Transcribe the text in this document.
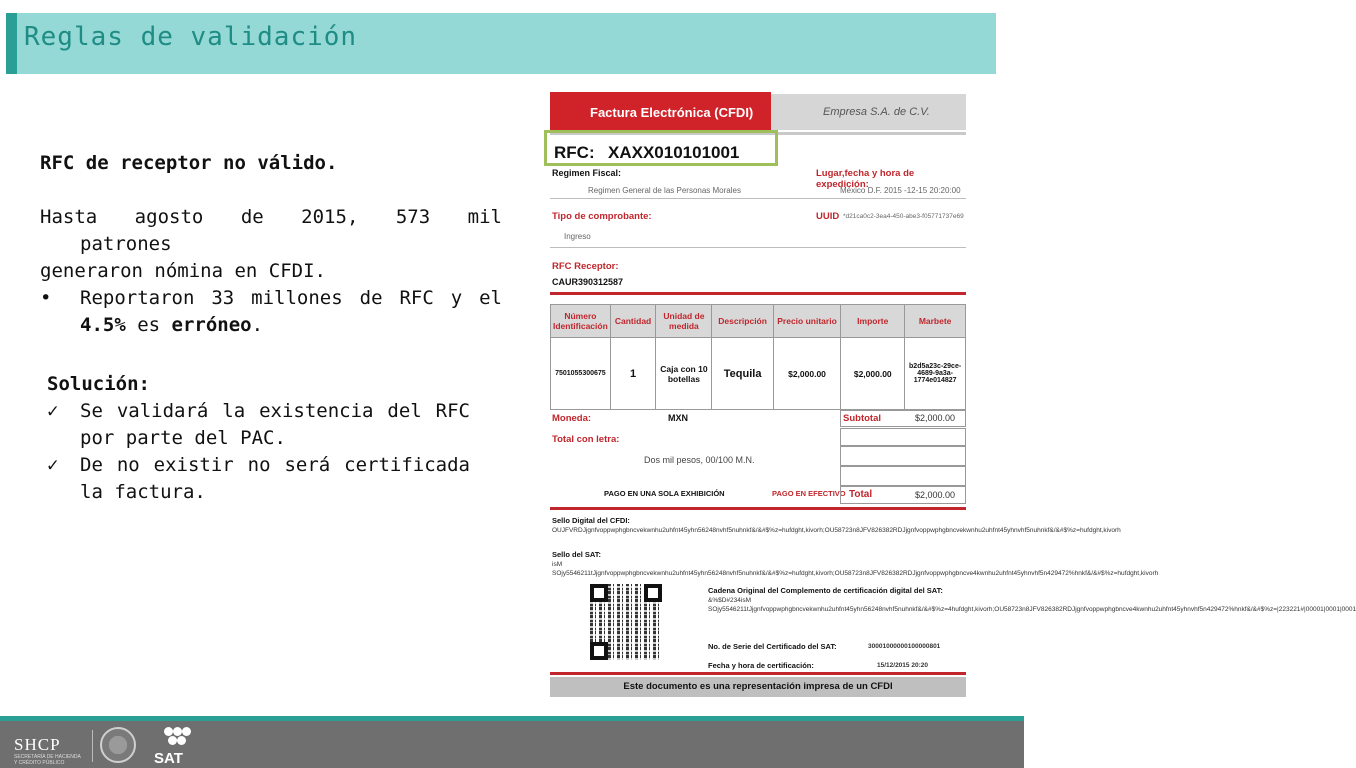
Reglas de validación
RFC de receptor no válido.
Hasta agosto de 2015, 573 mil
patrones
generaron nómina en CFDI.
•	Reportaron 33 millones de RFC y el 4.5% es erróneo.
Solución:
✓	Se validará la existencia del RFC por parte del PAC.
✓	De no existir no será certificada la factura.
Factura Electrónica (CFDI)	Empresa S.A. de C.V.
RFC: XAXX010101001
Regimen Fiscal:
Regimen General de las Personas Morales
Lugar,fecha y hora de expedición:
México D.F. 2015 -12-15 20:20:00
Tipo de comprobante:
Ingreso
UUID *d21ca0c2-3ea4-450-abe3-f05771737e69
RFC Receptor:
CAUR390312587
Número Identificación	Cantidad	Unidad de medida	Descripción	Precio unitario	Importe	Marbete
7501055300675	1	Caja con 10 botellas	Tequila	$2,000.00	$2,000.00	b2d5a23c-29ce-4689-9a3a-1774e014827
Moneda:	MXN	Subtotal	$2,000.00
Total con letra:
Dos mil pesos, 00/100 M.N.
PAGO EN UNA SOLA EXHIBICIÓN	PAGO EN EFECTIVO Total	$2,000.00
Sello Digital del CFDI:
OUJFVRDJjgnfvoppwphgbncvekwnhu2uhfnt45yhn56248nvhf5nuhnkf&/&#$%z=hufdght,kivorh;OU58723n8JFV826382RDJjgnfvoppwphgbncvekwnhu2uhfnt45yhnvhf5nuhnkf&/&#$%z=hufdght,kivorh
Sello del SAT:
isM SOjy5546211tJjgnfvoppwphgbncvekwnhu2uhfnt45yhn56248nvhf5nuhnkf&/&#$%z=hufdght,kivorh;OU58723n8JFV826382RDJjgnfvoppwphgbncve4kwnhu2uhfnt45yhnvhf5n429472%hnkf&/&#$%z=hufdght,kivorh
Cadena Original del Complemento de certificación digital del SAT:
&%$D#234isM SOjy5546211tJjgnfvoppwphgbncvekwnhu2uhfnt45yhn56248nvhf5nuhnkf&/&#$%z=4hufdght,kivorh;OU58723n8JFV826382RDJjgnfvoppwphgbncve4kwnhu2uhfnt45yhnvhf5n429472%hnkf&/&#$%z=|223221#|00001|0001|0001
No. de Serie del Certificado del SAT:	30001000000100000801
Fecha y hora de certificación:	15/12/2015 20:20
Este documento es una representación impresa de un CFDI
SHCP
SECRETARÍA DE HACIENDA
Y CRÉDITO PÚBLICO	SAT
